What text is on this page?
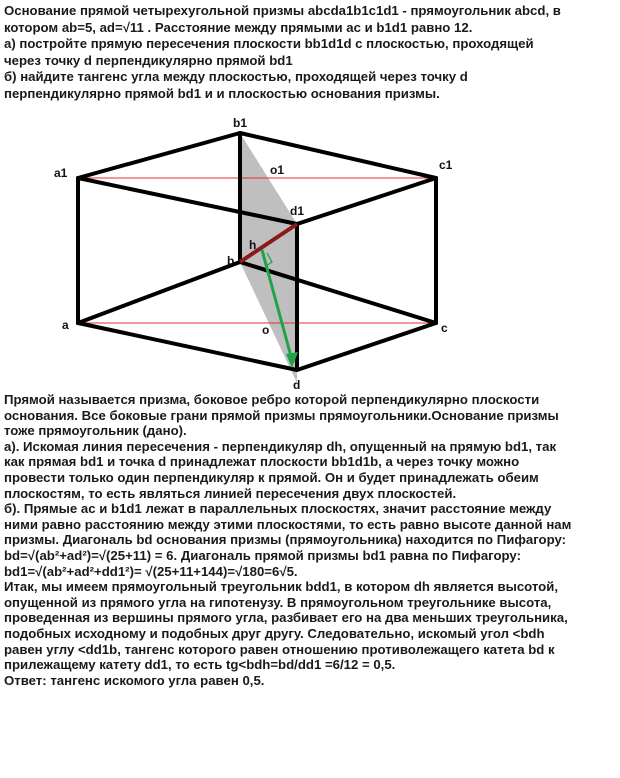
Основание прямой четырехугольной призмы abcda1b1c1d1 - прямоугольник abcd, в

котором ab=5, ad=√11 . Расстояние между прямыми ac и b1d1 равно 12.

а) постройте прямую пересечения плоскости bb1d1d c плоскостью, проходящей

через точку d перпендикулярно прямой bd1

б) найдите тангенс угла между плоскостью, проходящей через точку d

перпендикулярно прямой bd1 и и плоскостью основания призмы.

b1
a1	o1	c1
d1
h
b
a	o	c
d

Прямой называется призма, боковое ребро которой перпендикулярно плоскости

основания. Все боковые грани прямой призмы прямоугольники.Основание призмы

тоже прямоугольник (дано).

а). Искомая линия пересечения - перпендикуляр dh, опущенный на прямую bd1, так

как прямая bd1 и точка d принадлежат плоскости bb1d1b, а через точку можно

провести только один перпендикуляр к прямой. Он и будет принадлежать обеим

плоскостям, то есть являться линией пересечения двух плоскостей.

б). Прямые ac и b1d1 лежат в параллельных плоскостях, значит расстояние между

ними равно расстоянию между этими плоскостями, то есть равно высоте данной нам

призмы. Диагональ bd основания призмы (прямоугольника) находится по Пифагору:

bd=√(ab²+ad²)=√(25+11) = 6. Диагональ прямой призмы bd1 равна по Пифагору:

bd1=√(ab²+ad²+dd1²)= √(25+11+144)=√180=6√5.

Итак, мы имеем прямоугольный треугольник bdd1, в котором dh является высотой,

опущенной из прямого угла на гипотенузу. В прямоугольном треугольнике высота,

проведенная из вершины прямого угла, разбивает его на два меньших треугольника,

подобных исходному и подобных друг другу. Следовательно, искомый угол <bdh

равен углу <dd1b, тангенс которого равен отношению противолежащего катета bd к

прилежащему катету dd1, то есть tg<bdh=bd/dd1 =6/12 = 0,5.

Ответ: тангенс искомого угла равен 0,5.
